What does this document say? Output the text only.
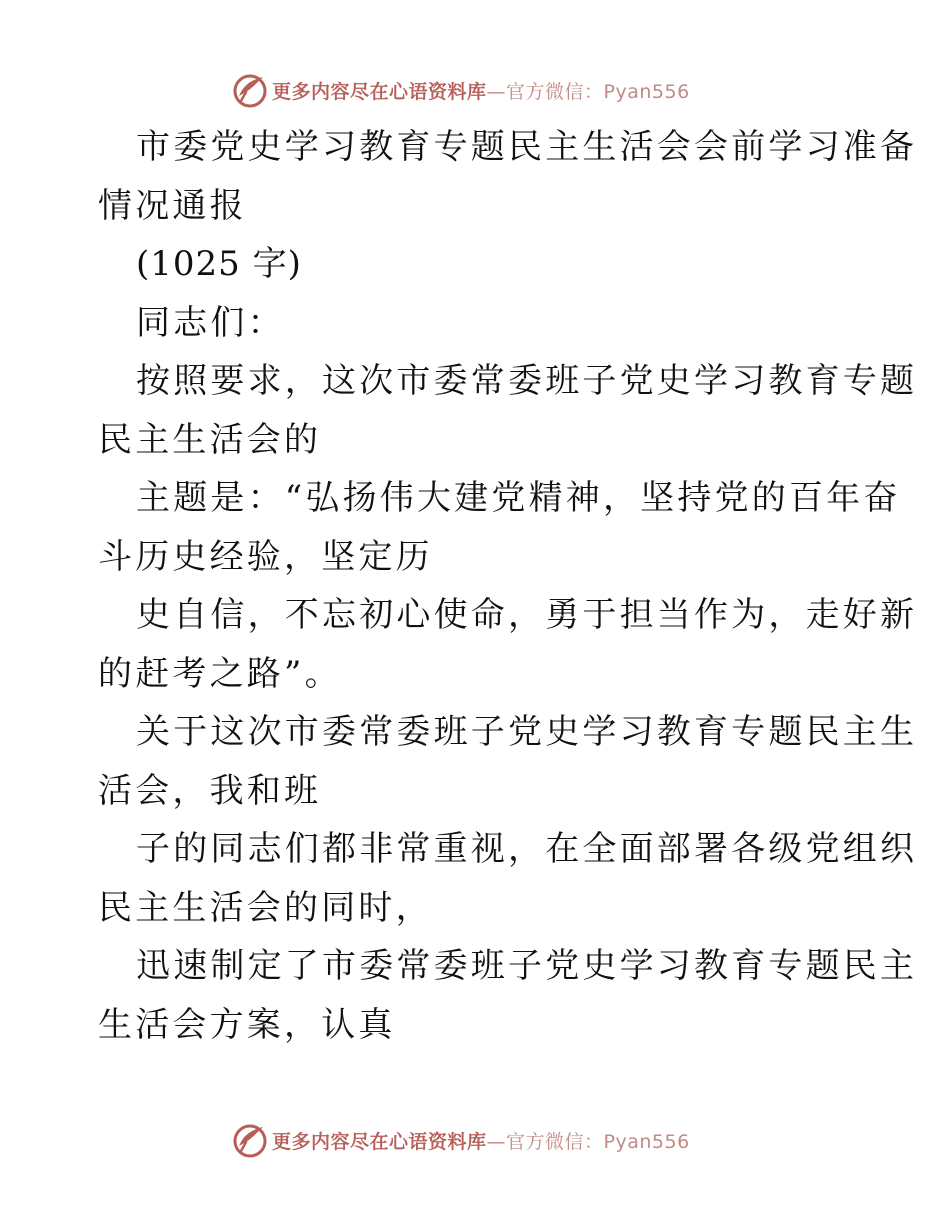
更多内容尽在心语资料库—官方微信：Pyan556
市委党史学习教育专题民主生活会会前学习准备
情况通报
(1025 字)
同志们：
按照要求，这次市委常委班子党史学习教育专题
民主生活会的
主题是：“弘扬伟大建党精神，坚持党的百年奋
斗历史经验，坚定历
史自信，不忘初心使命，勇于担当作为，走好新
的赶考之路”。
关于这次市委常委班子党史学习教育专题民主生
活会，我和班
子的同志们都非常重视，在全面部署各级党组织
民主生活会的同时，
迅速制定了市委常委班子党史学习教育专题民主
生活会方案，认真
更多内容尽在心语资料库—官方微信：Pyan556
